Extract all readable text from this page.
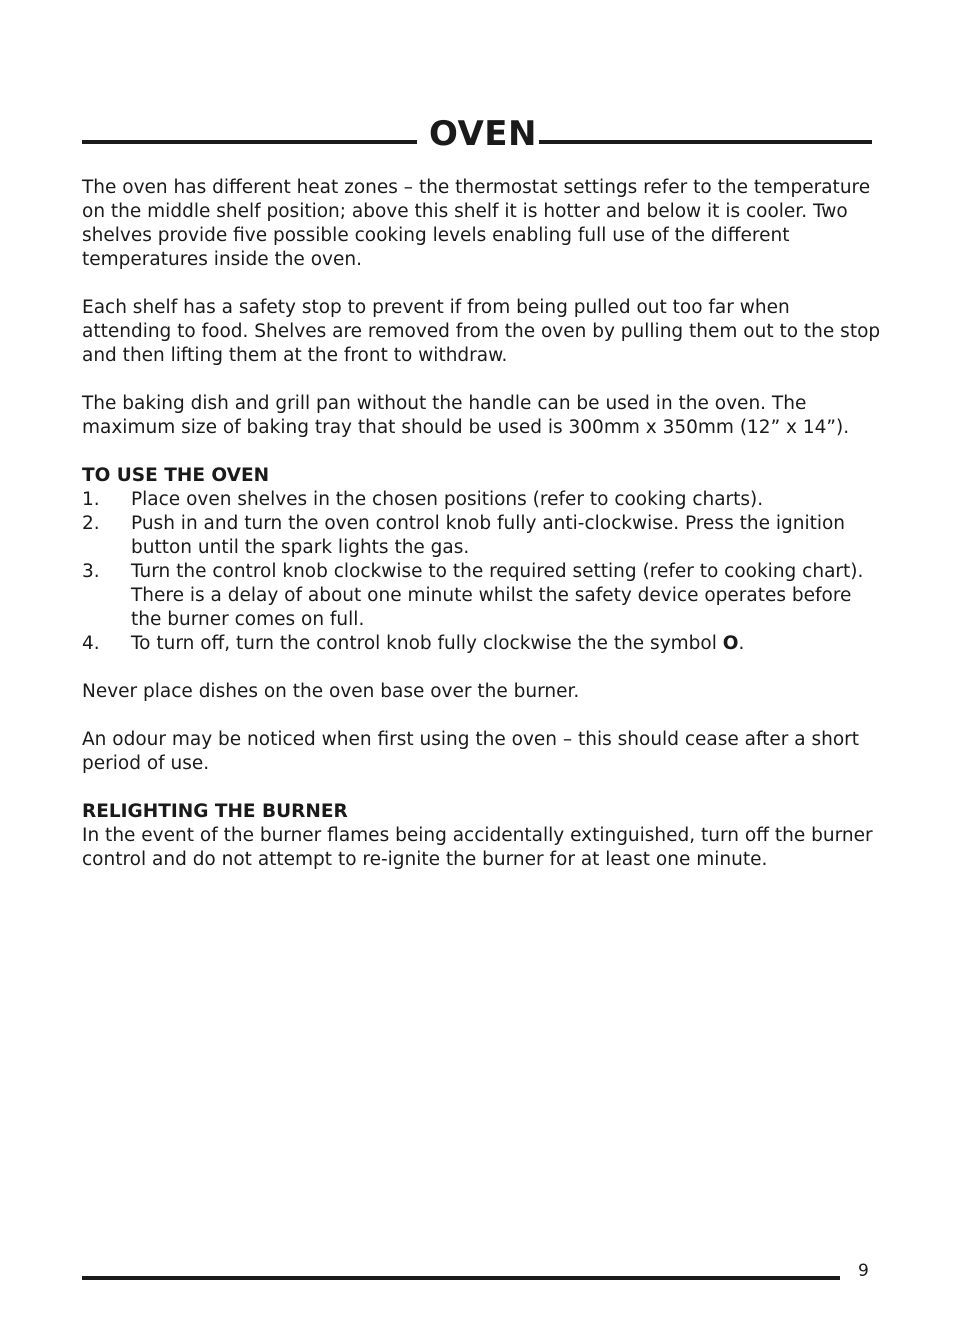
OVEN

The oven has different heat zones – the thermostat settings refer to the temperature on the middle shelf position; above this shelf it is hotter and below it is cooler. Two shelves provide five possible cooking levels enabling full use of the different temperatures inside the oven.

Each shelf has a safety stop to prevent if from being pulled out too far when attending to food. Shelves are removed from the oven by pulling them out to the stop and then lifting them at the front to withdraw.

The baking dish and grill pan without the handle can be used in the oven. The maximum size of baking tray that should be used is 300mm x 350mm (12” x 14”).

TO USE THE OVEN
1.	Place oven shelves in the chosen positions (refer to cooking charts).
2.	Push in and turn the oven control knob fully anti-clockwise. Press the ignition button until the spark lights the gas.
3.	Turn the control knob clockwise to the required setting (refer to cooking chart). There is a delay of about one minute whilst the safety device operates before the burner comes on full.
4.	To turn off, turn the control knob fully clockwise the the symbol O.

Never place dishes on the oven base over the burner.

An odour may be noticed when first using the oven – this should cease after a short period of use.

RELIGHTING THE BURNER

In the event of the burner flames being accidentally extinguished, turn off the burner control and do not attempt to re-ignite the burner for at least one minute.

9
